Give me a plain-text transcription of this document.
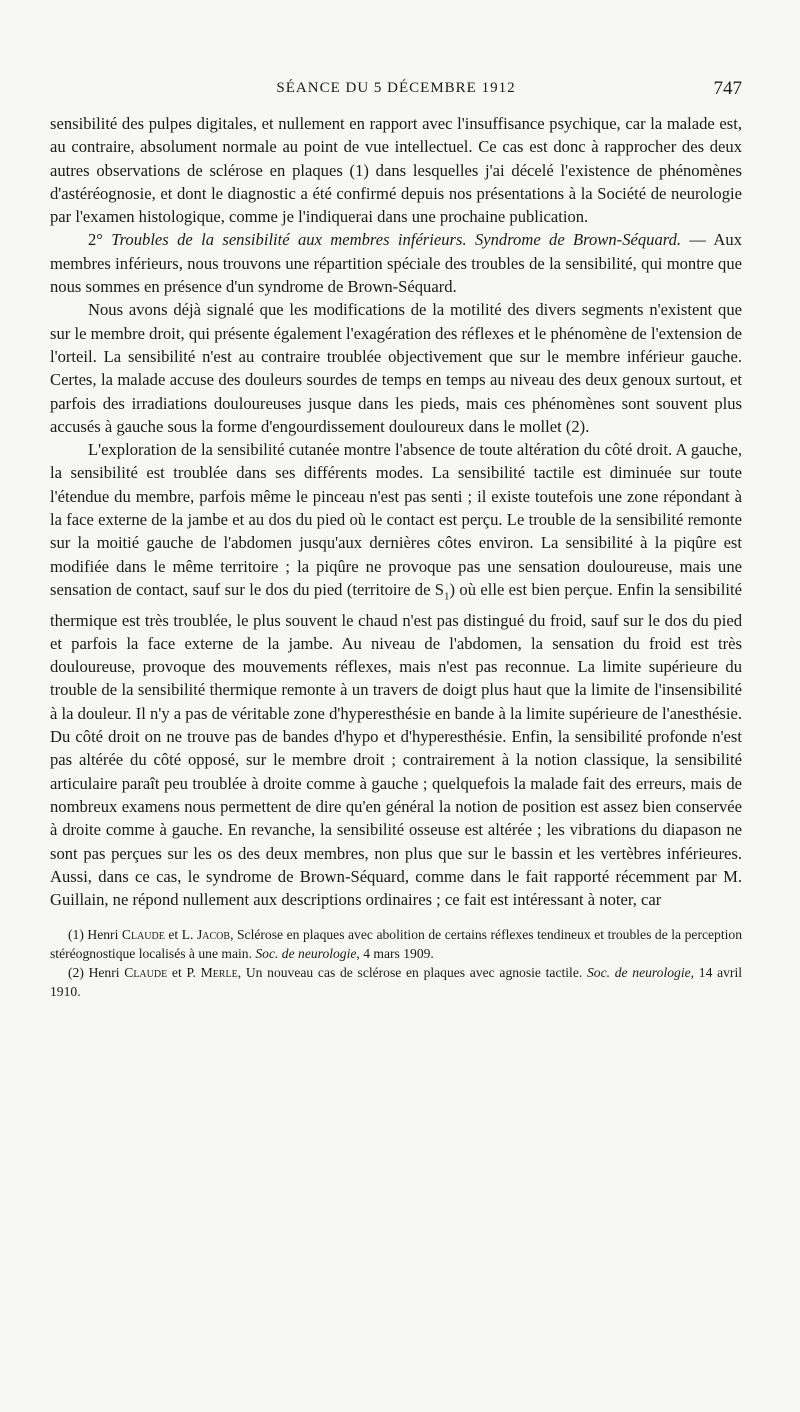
SÉANCE DU 5 DÉCEMBRE 1912	747

sensibilité des pulpes digitales, et nullement en rapport avec l'insuffisance psychique, car la malade est, au contraire, absolument normale au point de vue intellectuel. Ce cas est donc à rapprocher des deux autres observations de sclérose en plaques (1) dans lesquelles j'ai décelé l'existence de phénomènes d'astéréognosie, et dont le diagnostic a été confirmé depuis nos présentations à la Société de neurologie par l'examen histologique, comme je l'indiquerai dans une prochaine publication.

2° Troubles de la sensibilité aux membres inférieurs. Syndrome de Brown-Séquard. — Aux membres inférieurs, nous trouvons une répartition spéciale des troubles de la sensibilité, qui montre que nous sommes en présence d'un syndrome de Brown-Séquard.

Nous avons déjà signalé que les modifications de la motilité des divers segments n'existent que sur le membre droit, qui présente également l'exagération des réflexes et le phénomène de l'extension de l'orteil. La sensibilité n'est au contraire troublée objectivement que sur le membre inférieur gauche. Certes, la malade accuse des douleurs sourdes de temps en temps au niveau des deux genoux surtout, et parfois des irradiations douloureuses jusque dans les pieds, mais ces phénomènes sont souvent plus accusés à gauche sous la forme d'engourdissement douloureux dans le mollet (2).

L'exploration de la sensibilité cutanée montre l'absence de toute altération du côté droit. A gauche, la sensibilité est troublée dans ses différents modes. La sensibilité tactile est diminuée sur toute l'étendue du membre, parfois même le pinceau n'est pas senti ; il existe toutefois une zone répondant à la face externe de la jambe et au dos du pied où le contact est perçu. Le trouble de la sensibilité remonte sur la moitié gauche de l'abdomen jusqu'aux dernières côtes environ. La sensibilité à la piqûre est modifiée dans le même territoire ; la piqûre ne provoque pas une sensation douloureuse, mais une sensation de contact, sauf sur le dos du pied (territoire de $S_1$) où elle est bien perçue. Enfin la sensibilité thermique est très troublée, le plus souvent le chaud n'est pas distingué du froid, sauf sur le dos du pied et parfois la face externe de la jambe. Au niveau de l'abdomen, la sensation du froid est très douloureuse, provoque des mouvements réflexes, mais n'est pas reconnue. La limite supérieure du trouble de la sensibilité thermique remonte à un travers de doigt plus haut que la limite de l'insensibilité à la douleur. Il n'y a pas de véritable zone d'hyperesthésie en bande à la limite supérieure de l'anesthésie. Du côté droit on ne trouve pas de bandes d'hypo et d'hyperesthésie. Enfin, la sensibilité profonde n'est pas altérée du côté opposé, sur le membre droit ; contrairement à la notion classique, la sensibilité articulaire paraît peu troublée à droite comme à gauche ; quelquefois la malade fait des erreurs, mais de nombreux examens nous permettent de dire qu'en général la notion de position est assez bien conservée à droite comme à gauche. En revanche, la sensibilité osseuse est altérée ; les vibrations du diapason ne sont pas perçues sur les os des deux membres, non plus que sur le bassin et les vertèbres inférieures. Aussi, dans ce cas, le syndrome de Brown-Séquard, comme dans le fait rapporté récemment par M. Guillain, ne répond nullement aux descriptions ordinaires ; ce fait est intéressant à noter, car

(1) Henri Claude et L. Jacob, Sclérose en plaques avec abolition de certains réflexes tendineux et troubles de la perception stéréognostique localisés à une main. Soc. de neurologie, 4 mars 1909.

(2) Henri Claude et P. Merle, Un nouveau cas de sclérose en plaques avec agnosie tactile. Soc. de neurologie, 14 avril 1910.
